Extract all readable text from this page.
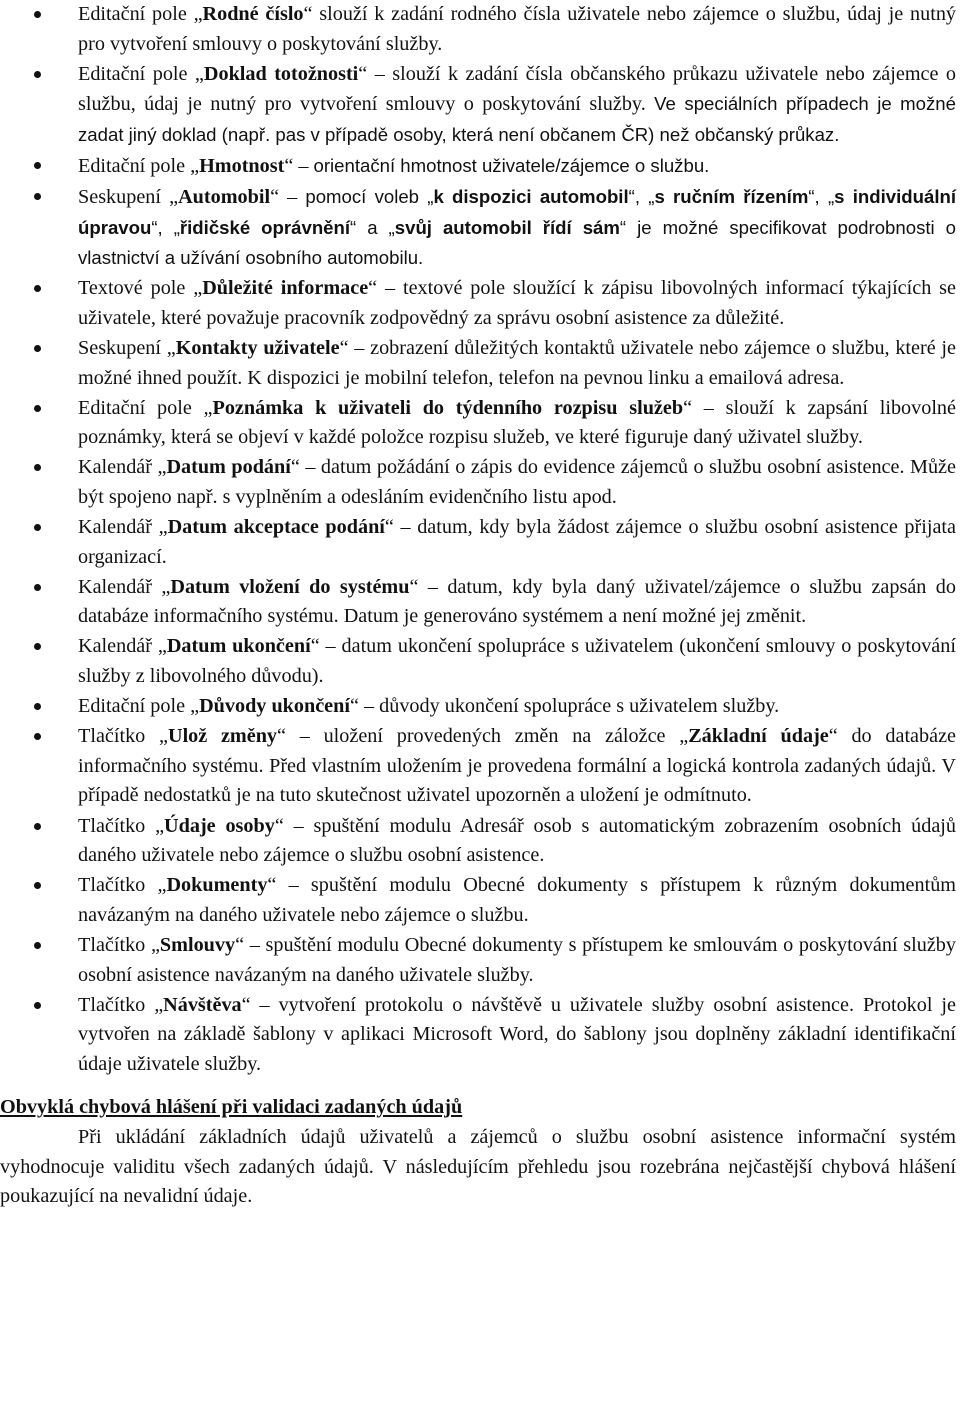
Editační pole „Rodné číslo“ slouží k zadání rodného čísla uživatele nebo zájemce o službu, údaj je nutný pro vytvoření smlouvy o poskytování služby.
Editační pole „Doklad totožnosti“ – slouží k zadání čísla občanského průkazu uživatele nebo zájemce o službu, údaj je nutný pro vytvoření smlouvy o poskytování služby. Ve speciálních případech je možné zadat jiný doklad (např. pas v případě osoby, která není občanem ČR) než občanský průkaz.
Editační pole „Hmotnost“ – orientační hmotnost uživatele/zájemce o službu.
Seskupení „Automobil“ – pomocí voleb „k dispozici automobil“, „s ručním řízením“, „s individuální úpravou“, „řidičské oprávnění“ a „svůj automobil řídí sám“ je možné specifikovat podrobnosti o vlastnictví a užívání osobního automobilu.
Textové pole „Důležité informace“ – textové pole sloužící k zápisu libovolných informací týkajících se uživatele, které považuje pracovník zodpovědný za správu osobní asistence za důležité.
Seskupení „Kontakty uživatele“ – zobrazení důležitých kontaktů uživatele nebo zájemce o službu, které je možné ihned použít. K dispozici je mobilní telefon, telefon na pevnou linku a emailová adresa.
Editační pole „Poznámka k uživateli do týdenního rozpisu služeb“ – slouží k zapsání libovolné poznámky, která se objeví v každé položce rozpisu služeb, ve které figuruje daný uživatel služby.
Kalendář „Datum podání“ – datum požádání o zápis do evidence zájemců o službu osobní asistence. Může být spojeno např. s vyplněním a odesláním evidenčního listu apod.
Kalendář „Datum akceptace podání“ – datum, kdy byla žádost zájemce o službu osobní asistence přijata organizací.
Kalendář „Datum vložení do systému“ – datum, kdy byla daný uživatel/zájemce o službu zapsán do databáze informačního systému. Datum je generováno systémem a není možné jej změnit.
Kalendář „Datum ukončení“ – datum ukončení spolupráce s uživatelem (ukončení smlouvy o poskytování služby z libovolného důvodu).
Editační pole „Důvody ukončení“ – důvody ukončení spolupráce s uživatelem služby.
Tlačítko „Ulož změny“ – uložení provedených změn na záložce „Základní údaje“ do databáze informačního systému. Před vlastním uložením je provedena formální a logická kontrola zadaných údajů. V případě nedostatků je na tuto skutečnost uživatel upozorněn a uložení je odmítnuto.
Tlačítko „Údaje osoby“ – spuštění modulu Adresář osob s automatickým zobrazením osobních údajů daného uživatele nebo zájemce o službu osobní asistence.
Tlačítko „Dokumenty“ – spuštění modulu Obecné dokumenty s přístupem k různým dokumentům navázaným na daného uživatele nebo zájemce o službu.
Tlačítko „Smlouvy“ – spuštění modulu Obecné dokumenty s přístupem ke smlouvám o poskytování služby osobní asistence navázaným na daného uživatele služby.
Tlačítko „Návštěva“ – vytvoření protokolu o návštěvě u uživatele služby osobní asistence. Protokol je vytvořen na základě šablony v aplikaci Microsoft Word, do šablony jsou doplněny základní identifikační údaje uživatele služby.
Obvyklá chybová hlášení při validaci zadaných údajů

Při ukládání základních údajů uživatelů a zájemců o službu osobní asistence informační systém vyhodnocuje validitu všech zadaných údajů. V následujícím přehledu jsou rozebrána nejčastější chybová hlášení poukazující na nevalidní údaje.
